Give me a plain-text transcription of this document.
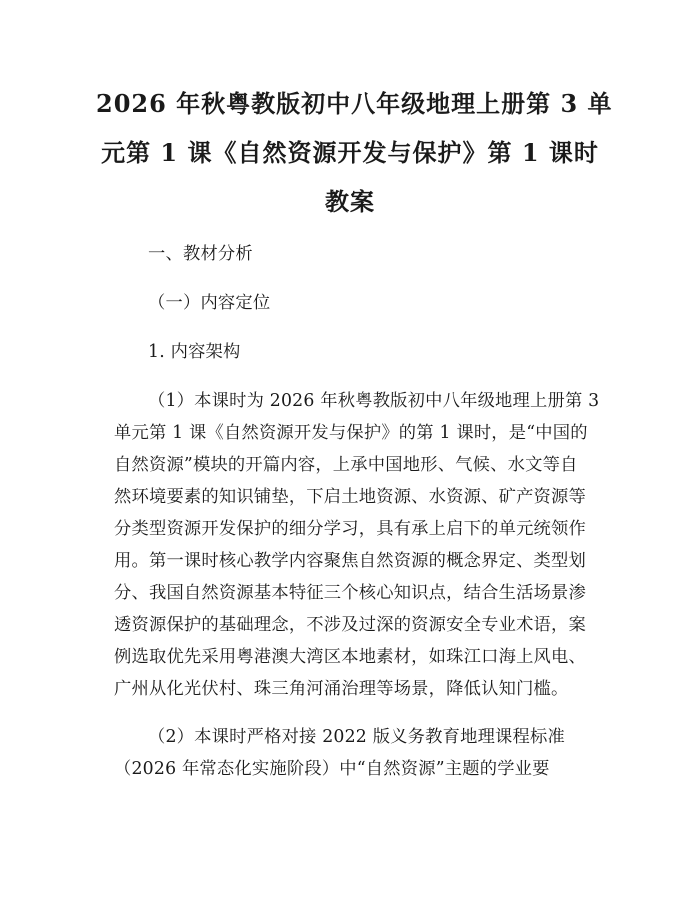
2026 年秋粤教版初中八年级地理上册第 3 单
元第 1 课《自然资源开发与保护》第 1 课时
教案
一、教材分析
（一）内容定位
1. 内容架构
（1）本课时为 2026 年秋粤教版初中八年级地理上册第 3
单元第 1 课《自然资源开发与保护》的第 1 课时，是“中国的
自然资源”模块的开篇内容，上承中国地形、气候、水文等自
然环境要素的知识铺垫，下启土地资源、水资源、矿产资源等
分类型资源开发保护的细分学习，具有承上启下的单元统领作
用。第一课时核心教学内容聚焦自然资源的概念界定、类型划
分、我国自然资源基本特征三个核心知识点，结合生活场景渗
透资源保护的基础理念，不涉及过深的资源安全专业术语，案
例选取优先采用粤港澳大湾区本地素材，如珠江口海上风电、
广州从化光伏村、珠三角河涌治理等场景，降低认知门槛。
（2）本课时严格对接 2022 版义务教育地理课程标准
（2026 年常态化实施阶段）中“自然资源”主题的学业要
